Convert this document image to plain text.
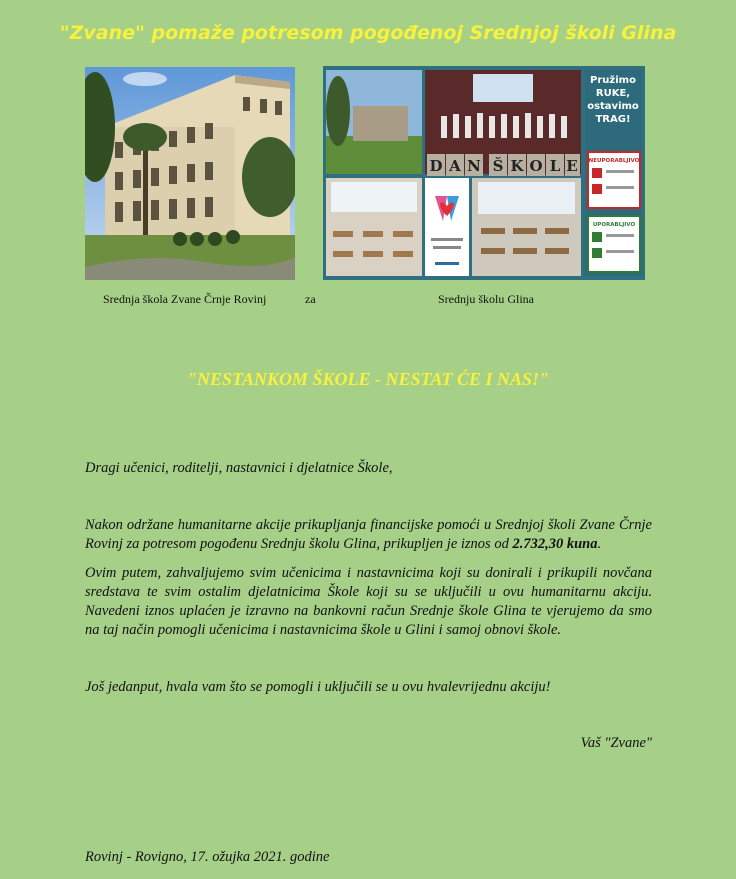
"Zvane" pomaže potresom pogođenoj Srednjoj školi Glina
D A N Š K O L E
Pružimo
RUKE,
ostavimo
TRAG!
NEUPORABLJIVO
UPORABLJIVO
Srednja škola Zvane Črnje Rovinj	za	Srednju školu Glina
"NESTANKOM ŠKOLE - NESTAT ĆE I NAS!"
Dragi učenici, roditelji, nastavnici i djelatnice Škole,
Nakon održane humanitarne akcije prikupljanja financijske pomoći u Srednjoj školi Zvane Črnje Rovinj za potresom pogođenu Srednju školu Glina, prikupljen je iznos od 2.732,30 kuna.
Ovim putem, zahvaljujemo svim učenicima i nastavnicima koji su donirali i prikupili novčana sredstava te svim ostalim djelatnicima Škole koji su se uključili u ovu humanitarnu akciju. Navedeni iznos uplaćen je izravno na bankovni račun Srednje škole Glina te vjerujemo da smo na taj način pomogli učenicima i nastavnicima škole u Glini i samoj obnovi škole.
Još jedanput, hvala vam što se pomogli i uključili se u ovu hvalevrijednu akciju!
Vaš "Zvane"
Rovinj - Rovigno, 17. ožujka 2021. godine
